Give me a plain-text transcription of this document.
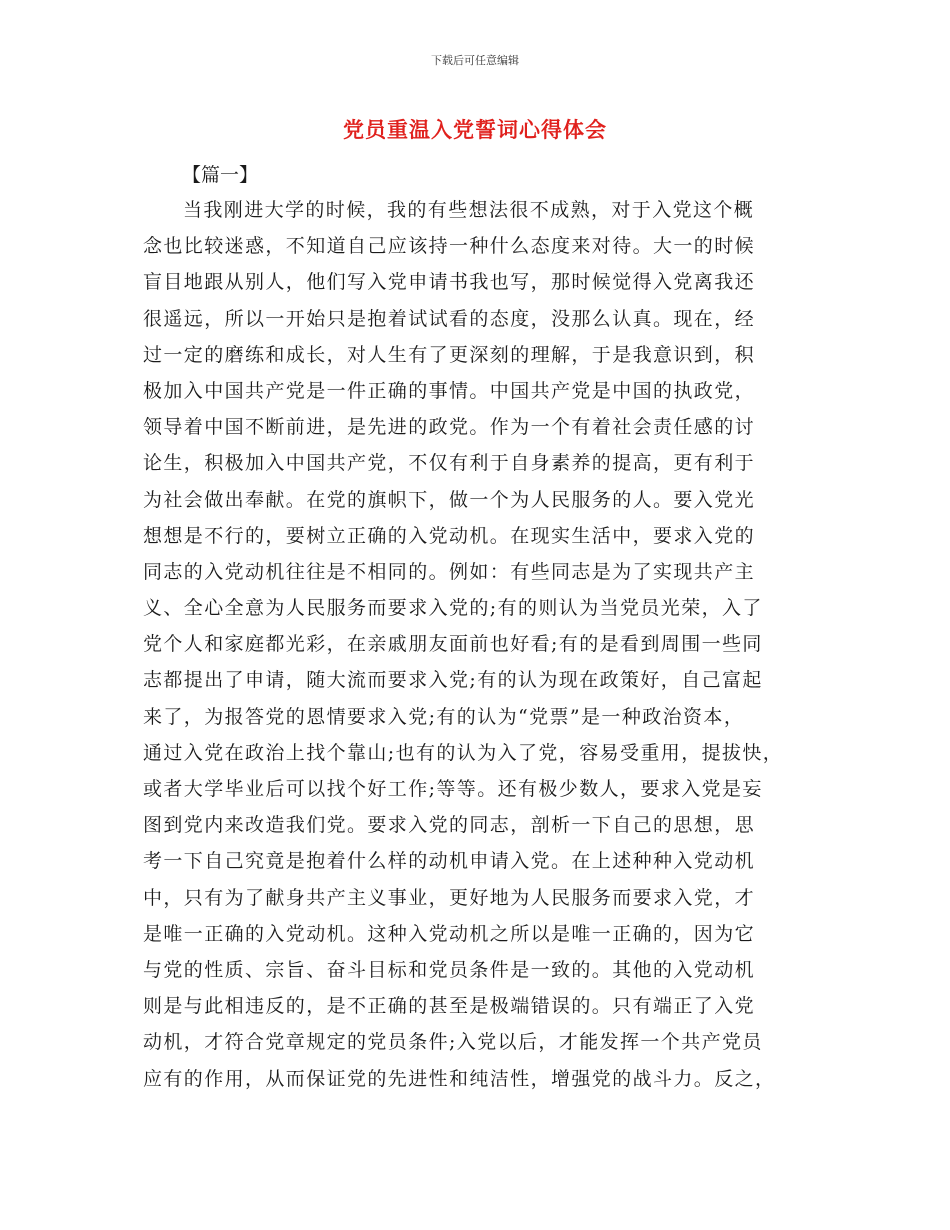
下载后可任意编辑
党员重温入党誓词心得体会
【篇一】
当我刚进大学的时候，我的有些想法很不成熟，对于入党这个概
念也比较迷惑，不知道自己应该持一种什么态度来对待。大一的时候
盲目地跟从别人，他们写入党申请书我也写，那时候觉得入党离我还
很遥远，所以一开始只是抱着试试看的态度，没那么认真。现在，经
过一定的磨练和成长，对人生有了更深刻的理解，于是我意识到，积
极加入中国共产党是一件正确的事情。中国共产党是中国的执政党，
领导着中国不断前进，是先进的政党。作为一个有着社会责任感的讨
论生，积极加入中国共产党，不仅有利于自身素养的提高，更有利于
为社会做出奉献。在党的旗帜下，做一个为人民服务的人。要入党光
想想是不行的，要树立正确的入党动机。在现实生活中，要求入党的
同志的入党动机往往是不相同的。例如：有些同志是为了实现共产主
义、全心全意为人民服务而要求入党的;有的则认为当党员光荣，入了
党个人和家庭都光彩，在亲戚朋友面前也好看;有的是看到周围一些同
志都提出了申请，随大流而要求入党;有的认为现在政策好，自己富起
来了，为报答党的恩情要求入党;有的认为“党票”是一种政治资本，
通过入党在政治上找个靠山;也有的认为入了党，容易受重用，提拔快，
或者大学毕业后可以找个好工作;等等。还有极少数人，要求入党是妄
图到党内来改造我们党。要求入党的同志，剖析一下自己的思想，思
考一下自己究竟是抱着什么样的动机申请入党。在上述种种入党动机
中，只有为了献身共产主义事业，更好地为人民服务而要求入党，才
是唯一正确的入党动机。这种入党动机之所以是唯一正确的，因为它
与党的性质、宗旨、奋斗目标和党员条件是一致的。其他的入党动机
则是与此相违反的，是不正确的甚至是极端错误的。只有端正了入党
动机，才符合党章规定的党员条件;入党以后，才能发挥一个共产党员
应有的作用，从而保证党的先进性和纯洁性，增强党的战斗力。反之，
